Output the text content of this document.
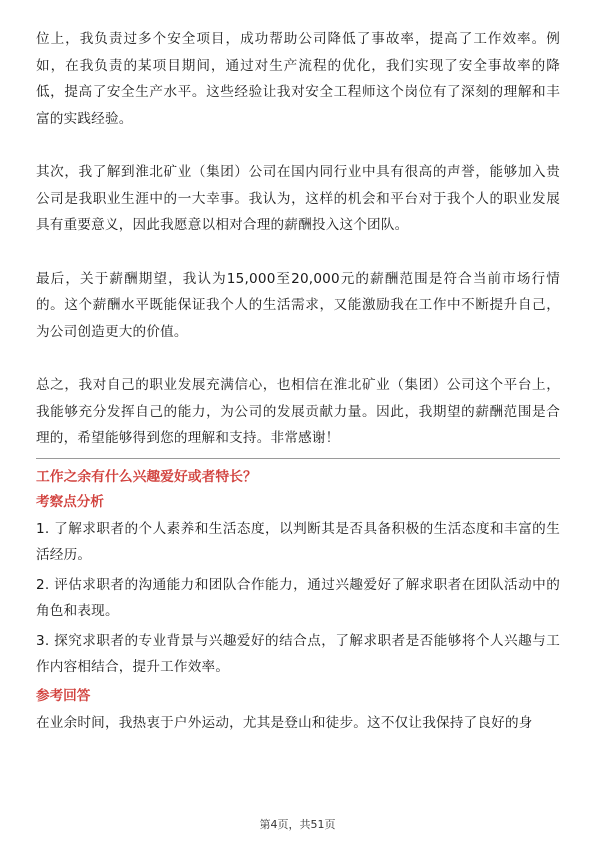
位上，我负责过多个安全项目，成功帮助公司降低了事故率，提高了工作效率。例如，在我负责的某项目期间，通过对生产流程的优化，我们实现了安全事故率的降低，提高了安全生产水平。这些经验让我对安全工程师这个岗位有了深刻的理解和丰富的实践经验。

其次，我了解到淮北矿业（集团）公司在国内同行业中具有很高的声誉，能够加入贵公司是我职业生涯中的一大幸事。我认为，这样的机会和平台对于我个人的职业发展具有重要意义，因此我愿意以相对合理的薪酬投入这个团队。

最后，关于薪酬期望，我认为15,000至20,000元的薪酬范围是符合当前市场行情的。这个薪酬水平既能保证我个人的生活需求，又能激励我在工作中不断提升自己，为公司创造更大的价值。

总之，我对自己的职业发展充满信心，也相信在淮北矿业（集团）公司这个平台上，我能够充分发挥自己的能力，为公司的发展贡献力量。因此，我期望的薪酬范围是合理的，希望能够得到您的理解和支持。非常感谢！

工作之余有什么兴趣爱好或者特长？
考察点分析
1. 了解求职者的个人素养和生活态度，以判断其是否具备积极的生活态度和丰富的生活经历。
2. 评估求职者的沟通能力和团队合作能力，通过兴趣爱好了解求职者在团队活动中的角色和表现。
3. 探究求职者的专业背景与兴趣爱好的结合点，了解求职者是否能够将个人兴趣与工作内容相结合，提升工作效率。
参考回答
在业余时间，我热衷于户外运动，尤其是登山和徒步。这不仅让我保持了良好的身
第4页，共51页
